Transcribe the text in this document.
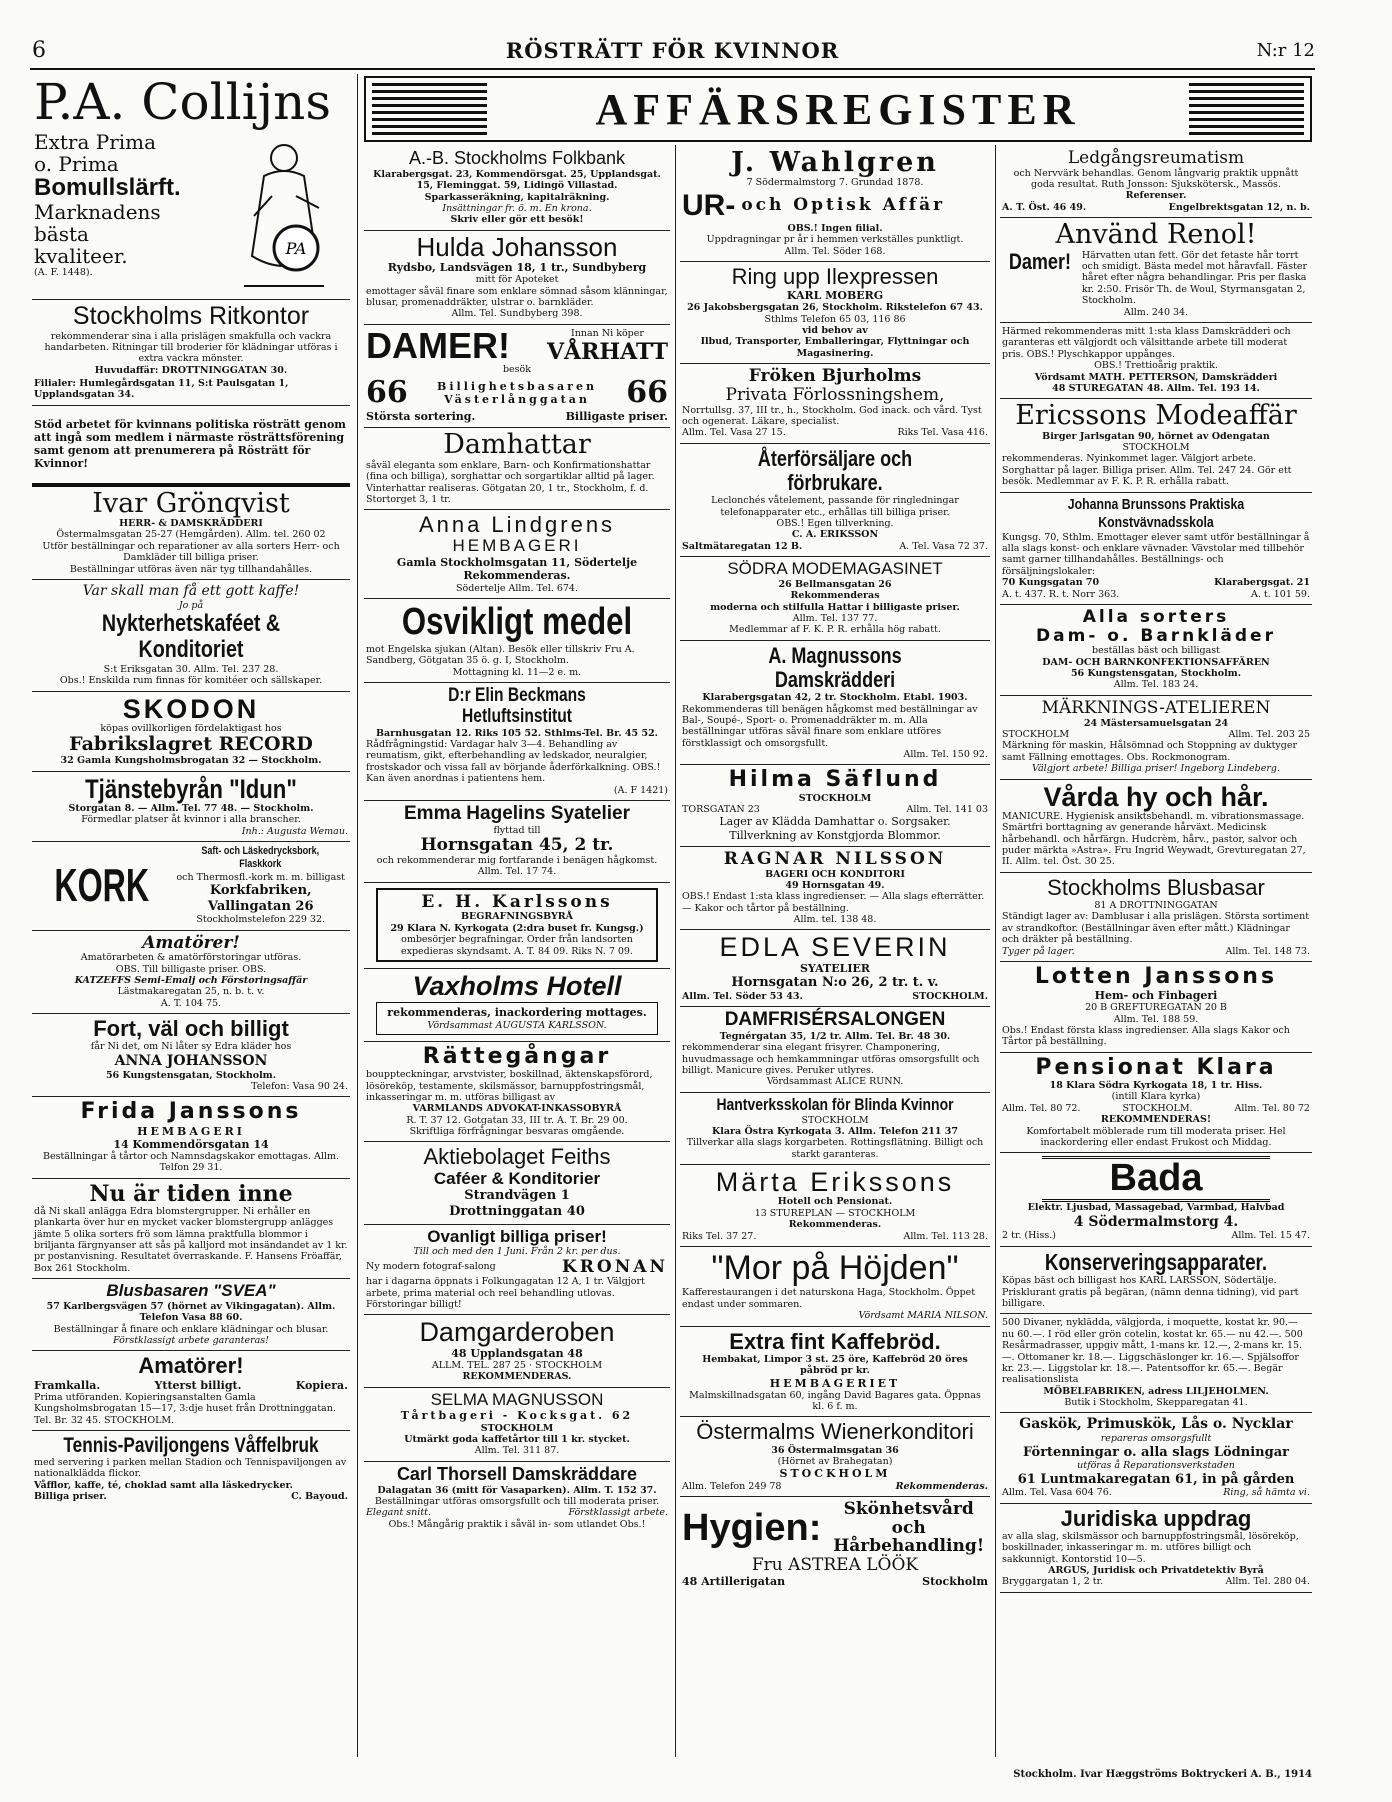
6	RÖSTRÄTT FÖR KVINNOR	N:r 12
AFFÄRSREGISTER
P.A. Collijns
Extra Prima
o. Prima
Bomullslärft.
Marknadens
bästa
kvaliteer.
(A. F. 1448).
PA
Stockholms Ritkontor
rekommenderar sina i alla prislägen smakfulla och vackra handarbeten. Ritningar till broderier för klädningar utföras i extra vackra mönster.
Huvudaffär: DROTTNINGGATAN 30.
Filialer: Humlegårdsgatan 11, S:t Paulsgatan 1, Upplandsgatan 34.
Stöd arbetet för kvinnans politiska rösträtt genom att ingå som medlem i närmaste rösträttsförening samt genom att prenumerera på Rösträtt för Kvinnor!
Ivar Grönqvist
HERR- & DAMSKRÄDDERI
Östermalmsgatan 25-27 (Hemgården). Allm. tel. 260 02
Utför beställningar och reparationer av alla sorters Herr- och Damkläder till billiga priser.
Beställningar utföras även när tyg tillhandahålles.
Var skall man få ett gott kaffe!
Jo på
Nykterhetskaféet & Konditoriet
S:t Eriksgatan 30. Allm. Tel. 237 28.
Obs.! Enskilda rum finnas för komitéer och sällskaper.
SKODON
köpas ovillkorligen fördelaktigast hos
Fabrikslagret RECORD
32 Gamla Kungsholmsbrogatan 32 — Stockholm.
Tjänstebyrån "Idun"
Storgatan 8. — Allm. Tel. 77 48. — Stockholm.
Förmedlar platser åt kvinnor i alla branscher.
Inh.: Augusta Wemau.
KORK
Saft- och Läskedrycksbork, Flaskkork
och Thermosfl.-kork m. m. billigast
Korkfabriken, Vallingatan 26
Stockholmstelefon 229 32.
Amatörer!
Amatörarbeten & amatörförstoringar utföras.
OBS. Till billigaste priser. OBS.
KATZEFFS Semi-Emalj och Förstoringsaffär
Lästmakaregatan 25, n. b. t. v.
A. T. 104 75.
Fort, väl och billigt
får Ni det, om Ni låter sy Edra kläder hos
ANNA JOHANSSON
56 Kungstensgatan, Stockholm.
Telefon: Vasa 90 24.
Frida Janssons
HEMBAGERI
14 Kommendörsgatan 14
Beställningar å tårtor och Namnsdagskakor emottagas. Allm. Telfon 29 31.
Nu är tiden inne
då Ni skall anlägga Edra blomstergrupper. Ni erhåller en plankarta över hur en mycket vacker blomstergrupp anlägges jämte 5 olika sorters frö som lämna praktfulla blommor i briljanta färgnyanser att sås på kalljord mot insändandet av 1 kr. pr postanvisning. Resultatet överraskande. F. Hansens Fröaffär, Box 261 Stockholm.
Blusbasaren "SVEA"
57 Karlbergsvägen 57 (hörnet av Vikingagatan). Allm. Telefon Vasa 88 60.
Beställningar å finare och enklare klädningar och blusar.
Förstklassigt arbete garanteras!
Amatörer!
Framkalla.	Ytterst billigt.	Kopiera.
Prima utföranden. Kopieringsanstalten Gamla Kungsholmsbrogatan 15—17, 3:dje huset från Drottninggatan. Tel. Br. 32 45. STOCKHOLM.
Tennis-Paviljongens Våffelbruk
med servering i parken mellan Stadion och Tennispaviljongen av nationalklädda flickor.
Våfflor, kaffe, té, choklad samt alla läskedrycker.
Billiga priser.	C. Bayoud.
A.-B. Stockholms Folkbank
Klarabergsgat. 23, Kommendörsgat. 25, Upplandsgat. 15, Fleminggat. 59, Lidingö Villastad.
Sparkasseräkning, kapitalräkning.
Insättningar fr. ö. m. En krona.
Skriv eller gör ett besök!
Hulda Johansson
Rydsbo, Landsvägen 18, 1 tr., Sundbyberg
mitt för Apoteket
emottager såväl finare som enklare sömnad såsom klänningar, blusar, promenaddräkter, ulstrar o. barnkläder.
Allm. Tel. Sundbyberg 398.
DAMER!	Innan Ni köper
VÅRHATT
besök
66	Billighetsbasaren
Västerlånggatan 66
Största sortering.	Billigaste priser.
Damhattar
såväl eleganta som enklare, Barn- och Konfirmationshattar (fina och billiga), sorghattar och sorgartiklar alltid på lager. Vinterhattar realiseras. Götgatan 20, 1 tr., Stockholm, f. d. Stortorget 3, 1 tr.
Anna Lindgrens
HEMBAGERI
Gamla Stockholmsgatan 11, Södertelje
Rekommenderas.
Södertelje Allm. Tel. 674.
Osvikligt medel
mot Engelska sjukan (Altan). Besök eller tillskriv Fru A. Sandberg, Götgatan 35 ö. g. I, Stockholm.
Mottagning kl. 11—2 e. m.
D:r Elin Beckmans Hetluftsinstitut
Barnhusgatan 12. Riks 105 52. Sthlms-Tel. Br. 45 52.
Rådfrågningstid: Vardagar halv 3—4. Behandling av reumatism, gikt, efterbehandling av ledskador, neuralgier, frostskador och vissa fall av börjande åderförkalkning. OBS.! Kan även anordnas i patientens hem.
(A. F 1421)
Emma Hagelins Syatelier
flyttad till
Hornsgatan 45, 2 tr.
och rekommenderar mig fortfarande i benägen hågkomst.
Allm. Tel. 17 74.
E. H. Karlssons
BEGRAFNINGSBYRÅ
29 Klara N. Kyrkogata (2:dra buset fr. Kungsg.)
ombesörjer begrafningar. Order från landsorten expedieras skyndsamt. A. T. 84 09. Riks N. 7 09.
Vaxholms Hotell
rekommenderas, inackordering mottages.
Vördsammast AUGUSTA KARLSSON.
Rättegångar
bouppteckningar, arvstvister, boskillnad, äktenskapsförord, lösöreköp, testamente, skilsmässor, barnuppfostringsmål, inkasseringar m. m. utföras billigast av
VARMLANDS ADVOKAT-INKASSOBYRÅ
R. T. 37 12. Gotgatan 33, III tr. A. T. Br. 29 00.
Skriftliga förfrågningar besvaras omgående.
Aktiebolaget Feiths
Caféer & Konditorier
Strandvägen 1
Drottninggatan 40
Ovanligt billiga priser!
Till och med den 1 Juni. Från 2 kr. per dus.
Ny modern fotograf-salong	KRONAN
har i dagarna öppnats i Folkungagatan 12 A, 1 tr. Välgjort arbete, prima material och reel behandling utlovas. Förstoringar billigt!
Damgarderoben
48 Upplandsgatan 48
ALLM. TEL. 287 25 · STOCKHOLM
REKOMMENDERAS.
SELMA MAGNUSSON
Tårtbageri - Kocksgat. 62
STOCKHOLM
Utmärkt goda kaffetårtor till 1 kr. stycket.
Allm. Tel. 311 87.
Carl Thorsell Damskräddare
Dalagatan 36 (mitt för Vasaparken). Allm. T. 152 37.
Beställningar utföras omsorgsfullt och till moderata priser.
Elegant snitt.	Förstklassigt arbete.
Obs.! Mångårig praktik i såväl in- som utlandet Obs.!
J. Wahlgren
7 Södermalmstorg 7. Grundad 1878.
UR- och Optisk Affär
OBS.! Ingen filial.
Uppdragningar pr år i hemmen verkställes punktligt.
Allm. Tel. Söder 168.
Ring upp Ilexpressen
KARL MOBERG
26 Jakobsbergsgatan 26, Stockholm. Rikstelefon 67 43.
Sthlms Telefon 65 03, 116 86
vid behov av
Ilbud, Transporter, Emballeringar, Flyttningar och Magasinering.
Fröken Bjurholms
Privata Förlossningshem,
Norrtullsg. 37, III tr., h., Stockholm. God inack. och vård. Tyst och ogenerat. Läkare, specialist.
Allm. Tel. Vasa 27 15.	Riks Tel. Vasa 416.
Återförsäljare och förbrukare.
Leclonchés våtelement, passande för ringledningar telefonapparater etc., erhållas till billiga priser.
OBS.! Egen tillverkning.
C. A. ERIKSSON
Saltmätaregatan 12 B.	A. Tel. Vasa 72 37.
SÖDRA MODEMAGASINET
26 Bellmansgatan 26
Rekommenderas
moderna och stilfulla Hattar i billigaste priser.
Allm. Tel. 137 77.
Medlemmar af F. K. P. R. erhålla hög rabatt.
A. Magnussons Damskrädderi
Klarabergsgatan 42, 2 tr. Stockholm. Etabl. 1903.
Rekommenderas till benägen hågkomst med beställningar av Bal-, Soupé-, Sport- o. Promenaddräkter m. m. Alla beställningar utföras såväl finare som enklare utföres förstklassigt och omsorgsfullt.
Allm. Tel. 150 92.
Hilma Säflund
STOCKHOLM
TORSGATAN 23	Allm. Tel. 141 03
Lager av Klädda Damhattar o. Sorgsaker.
Tillverkning av Konstgjorda Blommor.
RAGNAR NILSSON
BAGERI OCH KONDITORI
49 Hornsgatan 49.
OBS.! Endast 1:sta klass ingredienser. — Alla slags efterrätter. — Kakor och tårtor på beställning.
Allm. tel. 138 48.
EDLA SEVERIN
SYATELIER
Hornsgatan N:o 26, 2 tr. t. v.
Allm. Tel. Söder 53 43.	STOCKHOLM.
DAMFRISÉRSALONGEN
Tegnérgatan 35, 1/2 tr. Allm. Tel. Br. 48 30.
rekommenderar sina elegant frisyrer. Champonering, huvudmassage och hemkammningar utföras omsorgsfullt och billigt. Manicure gives. Peruker utlyres.
Vördsammast ALICE RUNN.
Hantverksskolan för Blinda Kvinnor
STOCKHOLM
Klara Östra Kyrkogata 3. Allm. Telefon 211 37
Tillverkar alla slags korgarbeten. Rottingsflätning. Billigt och starkt garanteras.
Märta Erikssons
Hotell och Pensionat.
13 STUREPLAN — STOCKHOLM
Rekommenderas.
Riks Tel. 37 27.	Allm. Tel. 113 28.
"Mor på Höjden"
Kafferestaurangen i det naturskona Haga, Stockholm. Öppet endast under sommaren.
Vördsamt MARIA NILSON.
Extra fint Kaffebröd.
Hembakat, Limpor 3 st. 25 öre, Kaffebröd 20 öres påbröd pr kr.
HEMBAGERIET
Malmskillnadsgatan 60, ingång David Bagares gata. Öppnas kl. 6 f. m.
Östermalms Wienerkonditori
36 Östermalmsgatan 36
(Hörnet av Brahegatan)
STOCKHOLM
Allm. Telefon 249 78	Rekommenderas.
Hygien:	Skönhetsvård och
Hårbehandling!
Fru ASTREA LÖÖK
48 Artillerigatan	Stockholm
Ledgångsreumatism
och Nervvärk behandlas. Genom långvarig praktik uppnått goda resultat. Ruth Jonsson: Sjukskötersk., Massös.
Referenser.
A. T. Öst. 46 49.	Engelbrektsgatan 12, n. b.
Använd Renol!
Damer! Härvatten utan fett. Gör det fetaste hår torrt och smidigt. Bästa medel mot håravfall. Fäster håret efter några behandlingar. Pris per flaska kr. 2:50. Frisör Th. de Woul, Styrmansgatan 2, Stockholm.
Allm. 240 34.
Härmed rekommenderas mitt 1:sta klass Damskrädderi och garanteras ett välgjordt och välsittande arbete till moderat pris. OBS.! Plyschkappor uppånges.
OBS.! Trettioårig praktik.
Vördsamt MATH. PETTERSON, Damskrädderi
48 STUREGATAN 48. Allm. Tel. 193 14.
Ericssons Modeaffär
Birger Jarlsgatan 90, hörnet av Odengatan
STOCKHOLM
rekommenderas. Nyinkommet lager. Välgjort arbete. Sorghattar på lager. Billiga priser. Allm. Tel. 247 24. Gör ett besök. Medlemmar av F. K. P. R. erhålla rabatt.
Johanna Brunssons Praktiska Konstvävnadsskola
Kungsg. 70, Sthlm. Emottager elever samt utför beställningar å alla slags konst- och enklare vävnader. Vävstolar med tillbehör samt garner tillhandahålles. Beställnings- och försäljningslokaler:
70 Kungsgatan 70	Klarabergsgat. 21
A. t. 437. R. t. Norr 363.	A. t. 101 59.
Alla sorters
Dam- o. Barnkläder
beställas bäst och billigast
DAM- OCH BARNKONFEKTIONSAFFÄREN
56 Kungstensgatan, Stockholm.
Allm. Tel. 183 24.
MÄRKNINGS-ATELIEREN
24 Mästersamuelsgatan 24
STOCKHOLM	Allm. Tel. 203 25
Märkning för maskin, Hålsömnad och Stoppning av duktyger samt Fällning emottages. Obs. Rockmonogram.
Välgjort arbete! Billiga priser! Ingeborg Lindeberg.
Vårda hy och hår.
MANICURE. Hygienisk ansiktsbehandl. m. vibrationsmassage. Smärtfri borttagning av generande hårväxt. Medicinsk hårbehandl. och hårfärgn. Hudcrèm, hårv., pastor, salvor och puder märkta »Astra». Fru Ingrid Weywadt, Grevturegatan 27, II. Allm. tel. Öst. 30 25.
Stockholms Blusbasar
81 A DROTTNINGGATAN
Ständigt lager av: Damblusar i alla prislägen. Största sortiment av strandkoftor. (Beställningar även efter mått.) Klädningar och dräkter på beställning.
Tyger på lager.	Allm. Tel. 148 73.
Lotten Janssons
Hem- och Finbageri
20 B GREFTUREGATAN 20 B
Allm. Tel. 188 59.
Obs.! Endast första klass ingredienser. Alla slags Kakor och Tårtor på beställning.
Pensionat Klara
18 Klara Södra Kyrkogata 18, 1 tr. Hiss.
(intill Klara kyrka)
Allm. Tel. 80 72.	STOCKHOLM.	Allm. Tel. 80 72
REKOMMENDERAS!
Komfortabelt möblerade rum till moderata priser. Hel inackordering eller endast Frukost och Middag.
Bada
Elektr. Ljusbad, Massagebad, Varmbad, Halvbad
4 Södermalmstorg 4.
2 tr. (Hiss.)	Allm. Tel. 15 47.
Konserveringsapparater.
Köpas bäst och billigast hos KARL LARSSON, Södertälje. Prisklurant gratis på begäran, (nämn denna tidning), vid part billigare.
500 Divaner, nyklädda, välgjorda, i moquette, kostat kr. 90.— nu 60.—. I röd eller grön cotelin, kostat kr. 65.— nu 42.—. 500 Resårmadrasser, uppgiv mått, 1-mans kr. 12.—, 2-mans kr. 15.—. Ottomaner kr. 18.—. Liggschäslonger kr. 16.—. Spjälsoffor kr. 23.—. Liggstolar kr. 18.—. Patentsoffor kr. 65.—. Begär realisationslista
MÖBELFABRIKEN, adress LILJEHOLMEN.
Butik i Stockholm, Skepparegatan 41.
Gaskök, Primuskök, Lås o. Nycklar
repareras omsorgsfullt
Förtenningar o. alla slags Lödningar
utföras å Reparationsverkstaden
61 Luntmakaregatan 61, in på gården
Allm. Tel. Vasa 604 76.	Ring, så hämta vi.
Juridiska uppdrag
av alla slag, skilsmässor och barnuppfostringsmål, lösöreköp, boskillnader, inkasseringar m. m. utföres billigt och sakkunnigt. Kontorstid 10—5.
ARGUS, Juridisk och Privatdetektiv Byrå
Bryggargatan 1, 2 tr.	Allm. Tel. 280 04.
Stockholm. Ivar Hæggströms Boktryckeri A. B., 1914
